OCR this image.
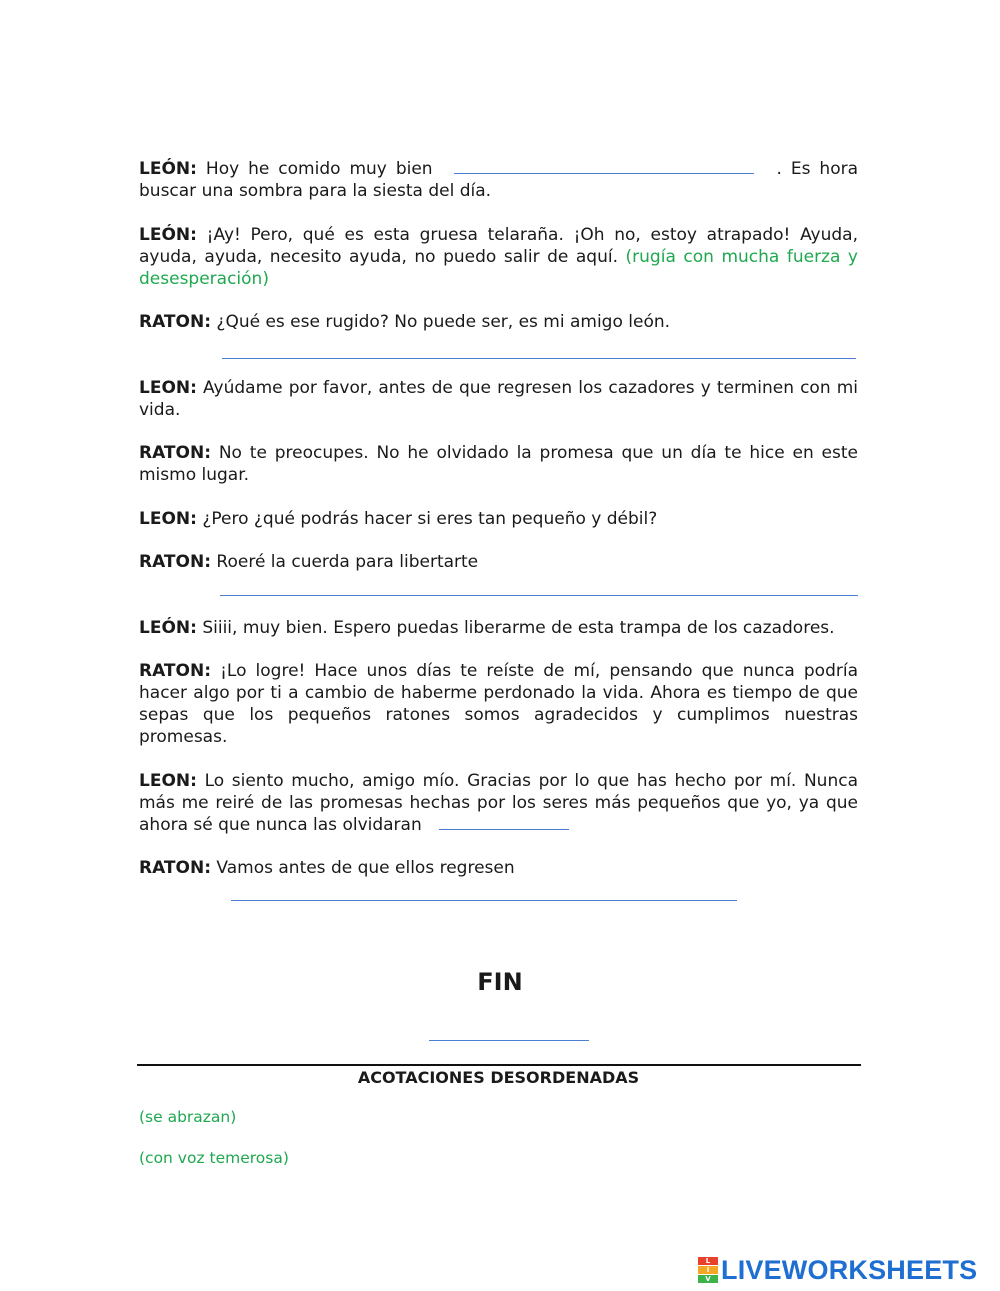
LEÓN: Hoy he comido muy bien	. Es hora buscar una sombra para la siesta del día.

LEÓN: ¡Ay! Pero, qué es esta gruesa telaraña. ¡Oh no, estoy atrapado! Ayuda, ayuda, ayuda, necesito ayuda, no puedo salir de aquí. (rugía con mucha fuerza y desesperación)

RATON: ¿Qué es ese rugido? No puede ser, es mi amigo león.

LEON: Ayúdame por favor, antes de que regresen los cazadores y terminen con mi vida.

RATON: No te preocupes. No he olvidado la promesa que un día te hice en este mismo lugar.

LEON: ¿Pero ¿qué podrás hacer si eres tan pequeño y débil?

RATON: Roeré la cuerda para libertarte

LEÓN: Siiii, muy bien. Espero puedas liberarme de esta trampa de los cazadores.

RATON: ¡Lo logre! Hace unos días te reíste de mí, pensando que nunca podría hacer algo por ti a cambio de haberme perdonado la vida. Ahora es tiempo de que sepas que los pequeños ratones somos agradecidos y cumplimos nuestras promesas.

LEON: Lo siento mucho, amigo mío. Gracias por lo que has hecho por mí. Nunca más me reiré de las promesas hechas por los seres más pequeños que yo, ya que ahora sé que nunca las olvidaran

RATON: Vamos antes de que ellos regresen

FIN
ACOTACIONES DESORDENADAS
(se abrazan)
(con voz temerosa)
L
I
V LIVEWORKSHEETS
